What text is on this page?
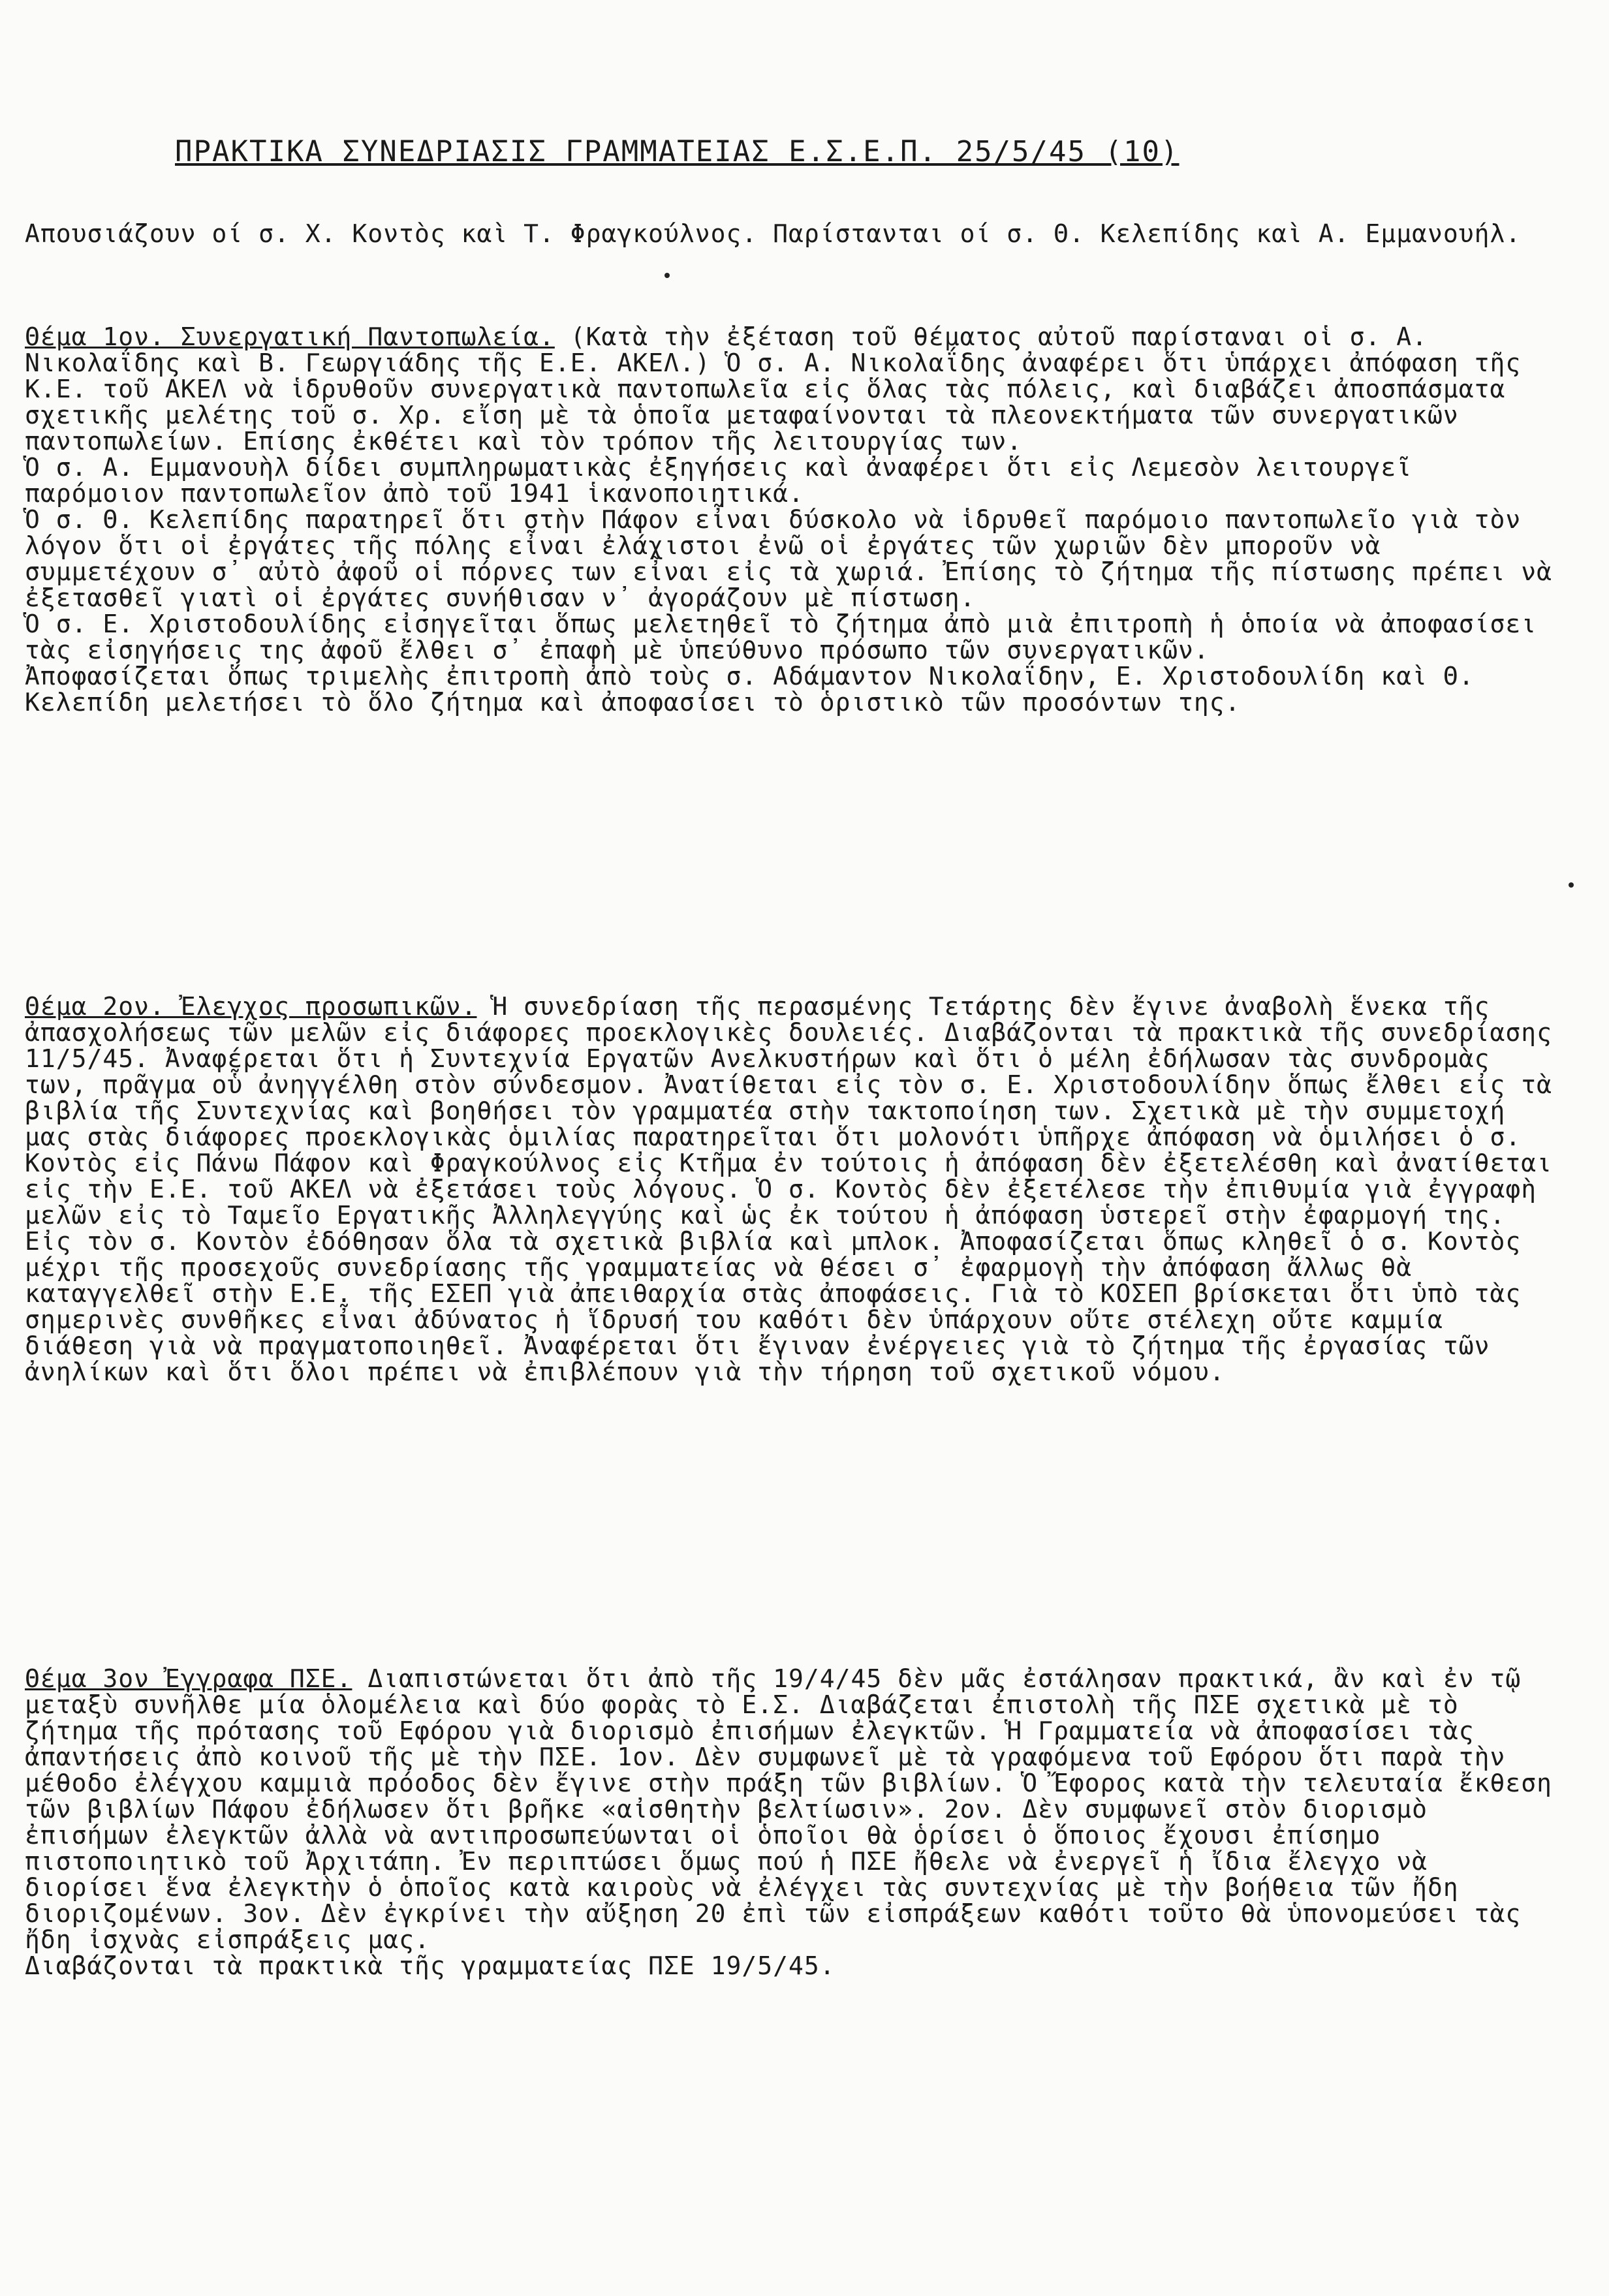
ΠΡΑΚΤΙΚΑ ΣΥΝΕΔΡΙΑΣΙΣ ΓΡΑΜΜΑΤΕΙΑΣ Ε.Σ.Ε.Π. 25/5/45 (10)
Απουσιάζουν οί σ. Χ. Κοντὸς καὶ Τ. Φραγκούλνος. Παρίστανται οί σ. Θ. Κελεπίδης καὶ Α. Εμμανουήλ.
Θέμα 1ον. Συνεργατική Παντοπωλεία. (Κατὰ τὴν ἐξέταση τοῦ θέματος αὐτοῦ παρίσταναι οἱ σ. Α. Νικολαΐδης καὶ Β. Γεωργιάδης τῆς Ε.Ε. ΑΚΕΛ.) Ὁ σ. Α. Νικολαΐδης ἀναφέρει ὅτι ὑπάρχει ἀπόφαση τῆς Κ.Ε. τοῦ ΑΚΕΛ νὰ ἱδρυθοῦν συνεργατικὰ παντοπωλεῖα εἰς ὅλας τὰς πόλεις, καὶ διαβάζει ἀποσπάσματα σχετικῆς μελέτης τοῦ σ. Χρ. εἴση μὲ τὰ ὁποῖα μεταφαίνονται τὰ πλεονεκτήματα τῶν συνεργατικῶν παντοπωλείων. Επίσης ἐκθέτει καὶ τὸν τρόπον τῆς λειτουργίας των.
Ὁ σ. Α. Εμμανουὴλ δίδει συμπληρωματικὰς ἐξηγήσεις καὶ ἀναφέρει ὅτι εἰς Λεμεσὸν λειτουργεῖ παρόμοιον παντοπωλεῖον ἀπὸ τοῦ 1941 ἱκανοποιητικά.
Ὁ σ. Θ. Κελεπίδης παρατηρεῖ ὅτι στὴν Πάφον εἶναι δύσκολο νὰ ἱδρυθεῖ παρόμοιο παντοπωλεῖο γιὰ τὸν λόγον ὅτι οἱ ἐργάτες τῆς πόλης εἶναι ἐλάχιστοι ἐνῶ οἱ ἐργάτες τῶν χωριῶν δὲν μποροῦν νὰ συμμετέχουν σ᾽ αὐτὸ ἀφοῦ οἱ πόρνες των εἶναι εἰς τὰ χωριά. Ἐπίσης τὸ ζήτημα τῆς πίστωσης πρέπει νὰ ἐξετασθεῖ γιατὶ οἱ ἐργάτες συνήθισαν ν᾽ ἀγοράζουν μὲ πίστωση.
Ὁ σ. Ε. Χριστοδουλίδης εἰσηγεῖται ὅπως μελετηθεῖ τὸ ζήτημα ἀπὸ μιὰ ἐπιτροπὴ ἡ ὁποία νὰ ἀποφασίσει τὰς εἰσηγήσεις της ἀφοῦ ἔλθει σ᾽ ἐπαφὴ μὲ ὑπεύθυνο πρόσωπο τῶν συνεργατικῶν.
Ἀποφασίζεται ὅπως τριμελὴς ἐπιτροπὴ ἀπὸ τοὺς σ. Αδάμαντον Νικολαΐδην, Ε. Χριστοδουλίδη καὶ Θ. Κελεπίδη μελετήσει τὸ ὅλο ζήτημα καὶ ἀποφασίσει τὸ ὁριστικὸ τῶν προσόντων της.
Θέμα 2ον. Ἐλεγχος προσωπικῶν. Ἡ συνεδρίαση τῆς περασμένης Τετάρτης δὲν ἔγινε ἀναβολὴ ἕνεκα τῆς ἀπασχολήσεως τῶν μελῶν εἰς διάφορες προεκλογικὲς δουλειές. Διαβάζονται τὰ πρακτικὰ τῆς συνεδρίασης 11/5/45. Ἀναφέρεται ὅτι ἡ Συντεχνία Εργατῶν Ανελκυστήρων καὶ ὅτι ὁ μέλη ἐδήλωσαν τὰς συνδρομὰς των, πρᾶγμα οὗ ἀνηγγέλθη στὸν σύνδεσμον. Ἀνατίθεται εἰς τὸν σ. Ε. Χριστοδουλίδην ὅπως ἔλθει εἰς τὰ βιβλία τῆς Συντεχνίας καὶ βοηθήσει τὸν γραμματέα στὴν τακτοποίηση των. Σχετικὰ μὲ τὴν συμμετοχή μας στὰς διάφορες προεκλογικὰς ὁμιλίας παρατηρεῖται ὅτι μολονότι ὑπῆρχε ἀπόφαση νὰ ὁμιλήσει ὁ σ. Κοντὸς εἰς Πάνω Πάφον καὶ Φραγκούλνος εἰς Κτῆμα ἐν τούτοις ἡ ἀπόφαση δὲν ἐξετελέσθη καὶ ἀνατίθεται εἰς τὴν Ε.Ε. τοῦ ΑΚΕΛ νὰ ἐξετάσει τοὺς λόγους. Ὁ σ. Κοντὸς δὲν ἐξετέλεσε τὴν ἐπιθυμία γιὰ ἐγγραφὴ μελῶν εἰς τὸ Ταμεῖο Εργατικῆς Ἀλληλεγγύης καὶ ὡς ἐκ τούτου ἡ ἀπόφαση ὑστερεῖ στὴν ἐφαρμογή της. Εἰς τὸν σ. Κοντὸν ἐδόθησαν ὅλα τὰ σχετικὰ βιβλία καὶ μπλοκ. Ἀποφασίζεται ὅπως κληθεῖ ὁ σ. Κοντὸς μέχρι τῆς προσεχοῦς συνεδρίασης τῆς γραμματείας νὰ θέσει σ᾽ ἐφαρμογὴ τὴν ἀπόφαση ἄλλως θὰ καταγγελθεῖ στὴν Ε.Ε. τῆς ΕΣΕΠ γιὰ ἀπειθαρχία στὰς ἀποφάσεις. Γιὰ τὸ ΚΟΣΕΠ βρίσκεται ὅτι ὑπὸ τὰς σημερινὲς συνθῆκες εἶναι ἀδύνατος ἡ ἵδρυσή του καθότι δὲν ὑπάρχουν οὔτε στέλεχη οὔτε καμμία διάθεση γιὰ νὰ πραγματοποιηθεῖ. Ἀναφέρεται ὅτι ἔγιναν ἐνέργειες γιὰ τὸ ζήτημα τῆς ἐργασίας τῶν ἀνηλίκων καὶ ὅτι ὅλοι πρέπει νὰ ἐπιβλέπουν γιὰ τὴν τήρηση τοῦ σχετικοῦ νόμου.
Θέμα 3ον Ἐγγραφα ΠΣΕ. Διαπιστώνεται ὅτι ἀπὸ τῆς 19/4/45 δὲν μᾶς ἐστάλησαν πρακτικά, ἂν καὶ ἐν τῷ μεταξὺ συνῆλθε μία ὁλομέλεια καὶ δύο φορὰς τὸ Ε.Σ. Διαβάζεται ἐπιστολὴ τῆς ΠΣΕ σχετικὰ μὲ τὸ ζήτημα τῆς πρότασης τοῦ Εφόρου γιὰ διορισμὸ ἐπισήμων ἐλεγκτῶν. Ἡ Γραμματεία νὰ ἀποφασίσει τὰς ἀπαντήσεις ἀπὸ κοινοῦ τῆς μὲ τὴν ΠΣΕ. 1ον. Δὲν συμφωνεῖ μὲ τὰ γραφόμενα τοῦ Εφόρου ὅτι παρὰ τὴν μέθοδο ἐλέγχου καμμιὰ πρόοδος δὲν ἔγινε στὴν πράξη τῶν βιβλίων. Ὁ Ἔφορος κατὰ τὴν τελευταία ἔκθεση τῶν βιβλίων Πάφου ἐδήλωσεν ὅτι βρῆκε «αἰσθητὴν βελτίωσιν». 2ον. Δὲν συμφωνεῖ στὸν διορισμὸ ἐπισήμων ἐλεγκτῶν ἀλλὰ νὰ αντιπροσωπεύωνται οἱ ὁποῖοι θὰ ὁρίσει ὁ ὅποιος ἔχουσι ἐπίσημο πιστοποιητικὸ τοῦ Ἀρχιτάπη. Ἐν περιπτώσει ὅμως πού ἡ ΠΣΕ ἤθελε νὰ ἐνεργεῖ ἡ ἴδια ἔλεγχο νὰ διορίσει ἕνα ἐλεγκτὴν ὁ ὁποῖος κατὰ καιροὺς νὰ ἐλέγχει τὰς συντεχνίας μὲ τὴν βοήθεια τῶν ἤδη διοριζομένων. 3ον. Δὲν ἐγκρίνει τὴν αὔξηση 20 ἐπὶ τῶν εἰσπράξεων καθότι τοῦτο θὰ ὑπονομεύσει τὰς ἤδη ἰσχνὰς εἰσπράξεις μας.
Διαβάζονται τὰ πρακτικὰ τῆς γραμματείας ΠΣΕ 19/5/45.
